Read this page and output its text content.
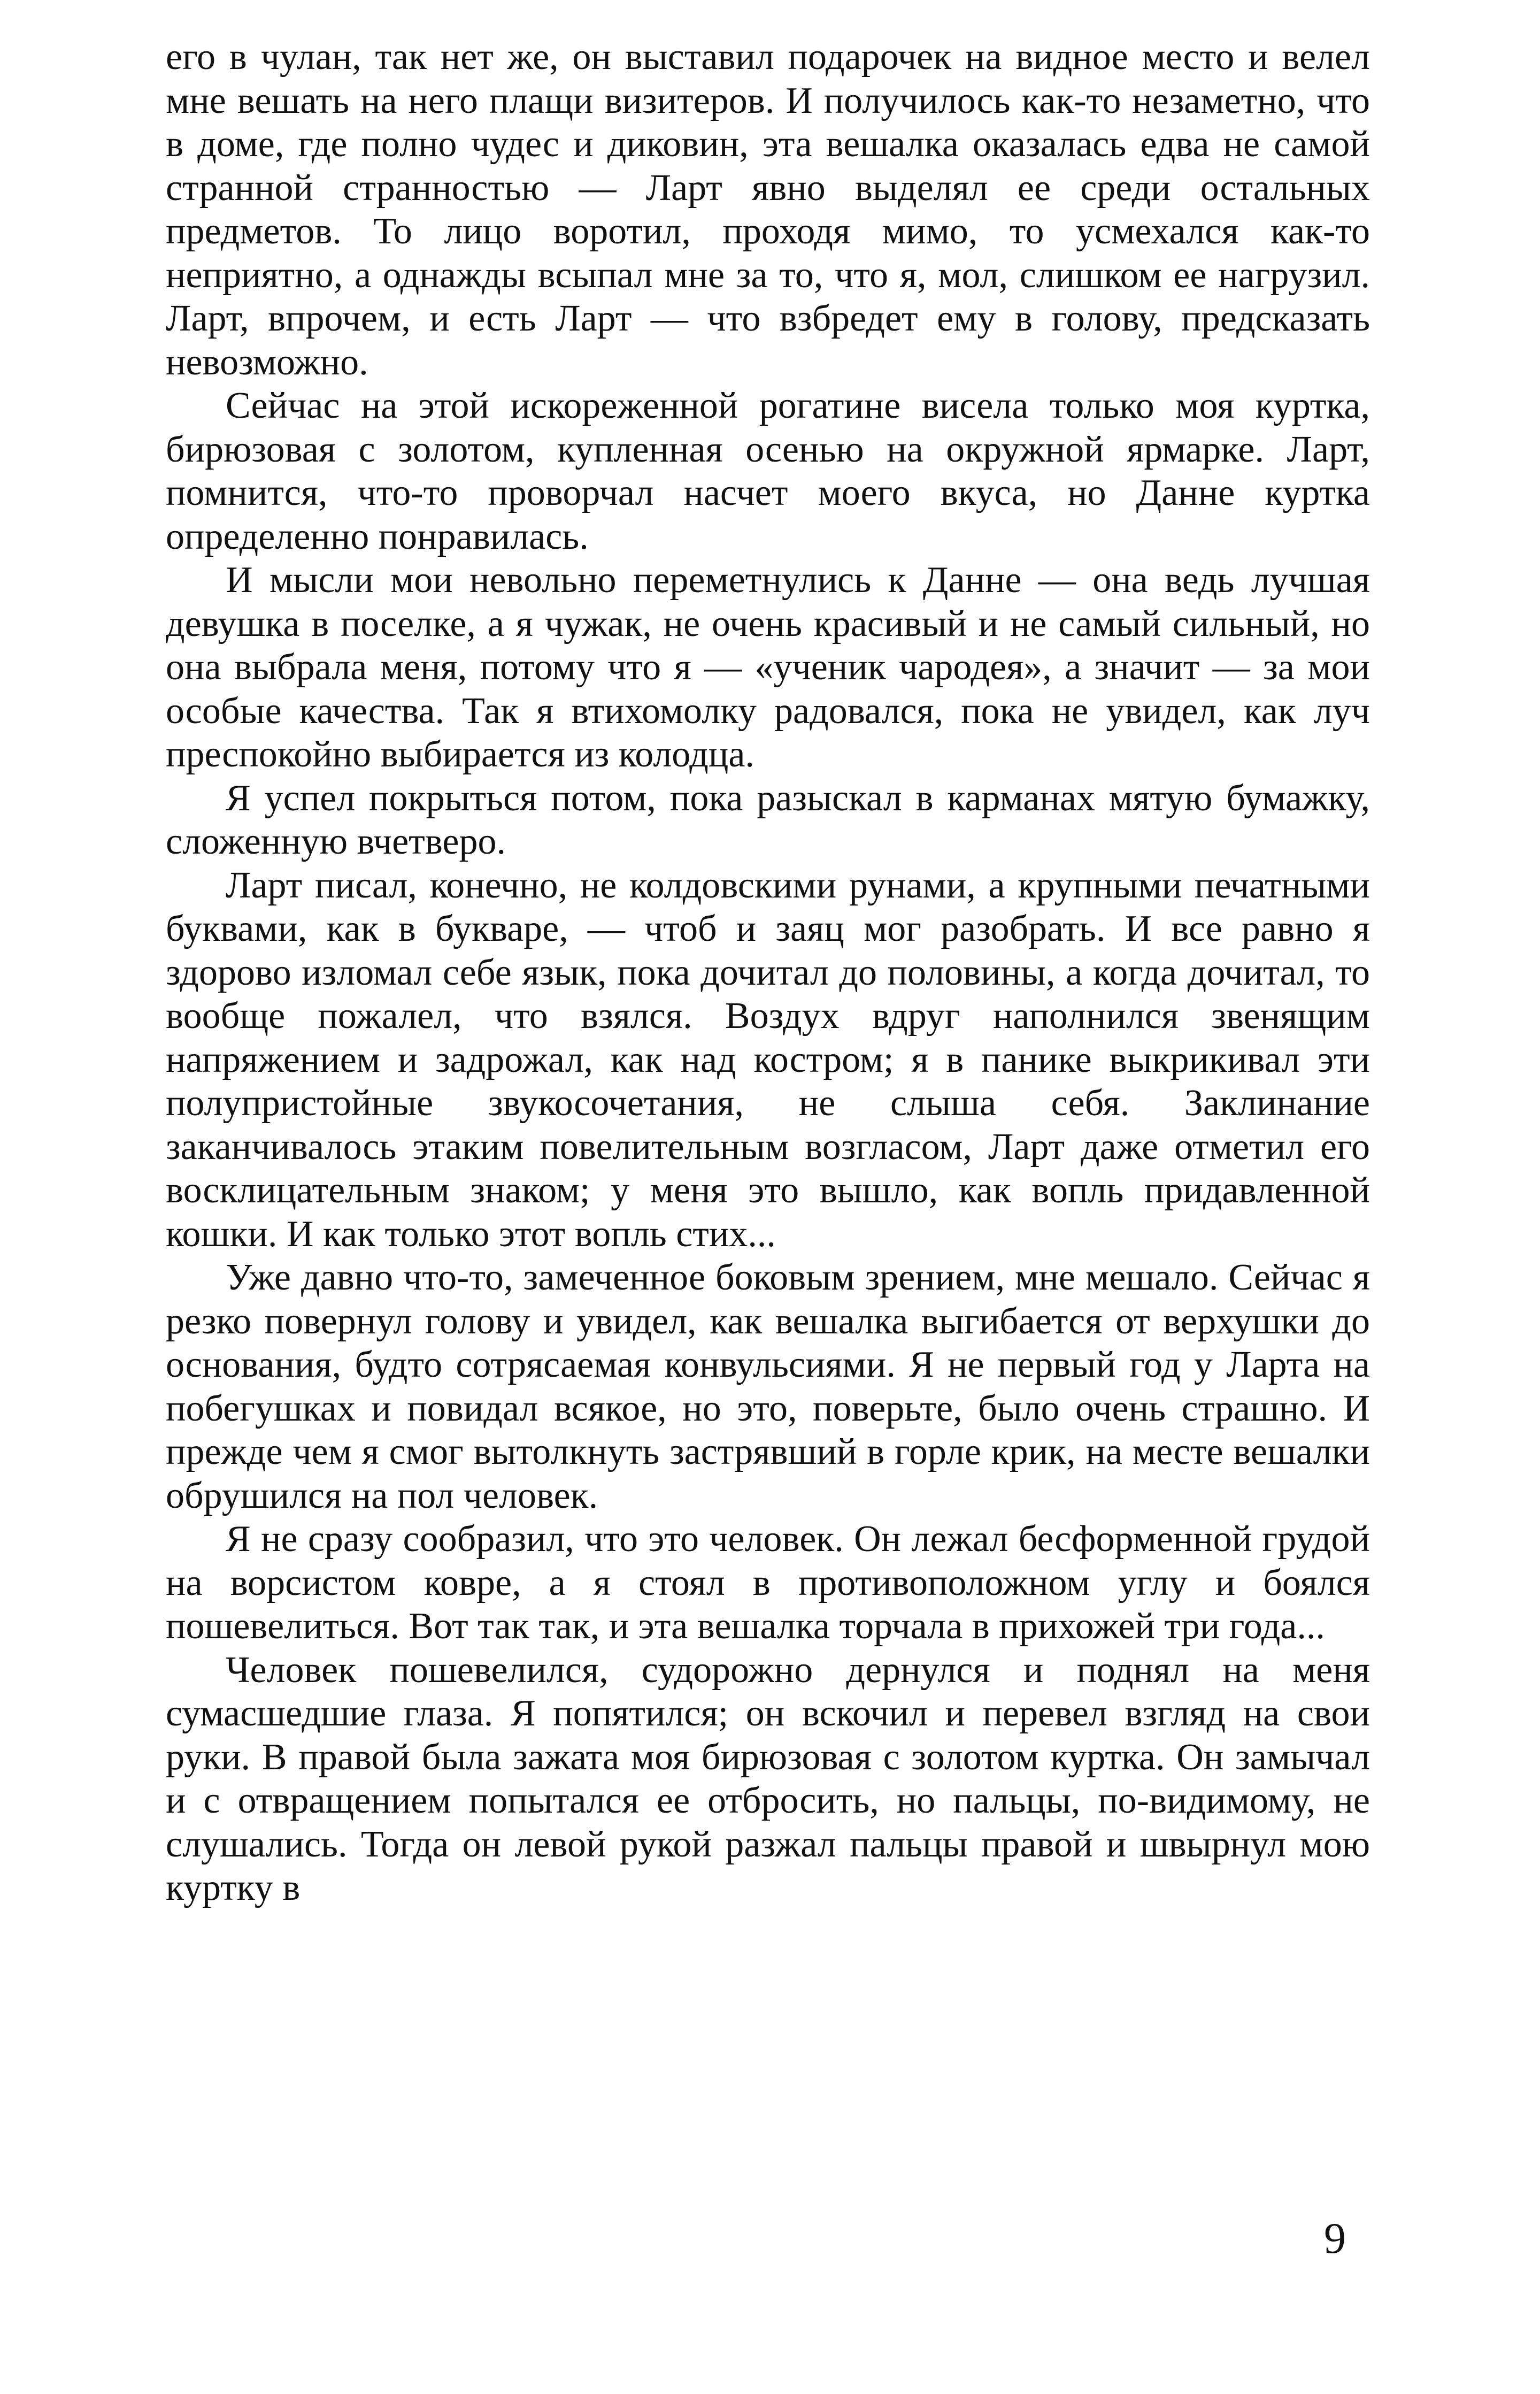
его в чулан, так нет же, он выставил подарочек на видное место и велел мне вешать на него плащи визитеров. И получилось как-то незаметно, что в доме, где полно чудес и диковин, эта вешалка оказалась едва не самой странной странностью — Ларт явно выделял ее среди остальных предметов. То лицо воротил, проходя мимо, то усмехался как-то неприятно, а однажды всыпал мне за то, что я, мол, слишком ее нагрузил. Ларт, впрочем, и есть Ларт — что взбредет ему в голову, предсказать невозможно.

Сейчас на этой искореженной рогатине висела только моя куртка, бирюзовая с золотом, купленная осенью на окружной ярмарке. Ларт, помнится, что-то проворчал насчет моего вкуса, но Данне куртка определенно понравилась.

И мысли мои невольно переметнулись к Данне — она ведь лучшая девушка в поселке, а я чужак, не очень красивый и не самый сильный, но она выбрала меня, потому что я — «ученик чародея», а значит — за мои особые качества. Так я втихомолку радовался, пока не увидел, как луч преспокойно выбирается из колодца.

Я успел покрыться потом, пока разыскал в карманах мятую бумажку, сложенную вчетверо.

Ларт писал, конечно, не колдовскими рунами, а крупными печатными буквами, как в букваре, — чтоб и заяц мог разобрать. И все равно я здорово изломал себе язык, пока дочитал до половины, а когда дочитал, то вообще пожалел, что взялся. Воздух вдруг наполнился звенящим напряжением и задрожал, как над костром; я в панике выкрикивал эти полупристойные звукосочетания, не слыша себя. Заклинание заканчивалось этаким повелительным возгласом, Ларт даже отметил его восклицательным знаком; у меня это вышло, как вопль придавленной кошки. И как только этот вопль стих...

Уже давно что-то, замеченное боковым зрением, мне мешало. Сейчас я резко повернул голову и увидел, как вешалка выгибается от верхушки до основания, будто сотрясаемая конвульсиями. Я не первый год у Ларта на побегушках и повидал всякое, но это, поверьте, было очень страшно. И прежде чем я смог вытолкнуть застрявший в горле крик, на месте вешалки обрушился на пол человек.

Я не сразу сообразил, что это человек. Он лежал бесформенной грудой на ворсистом ковре, а я стоял в противоположном углу и боялся пошевелиться. Вот так так, и эта вешалка торчала в прихожей три года...

Человек пошевелился, судорожно дернулся и поднял на меня сумасшедшие глаза. Я попятился; он вскочил и перевел взгляд на свои руки. В правой была зажата моя бирюзовая с золотом куртка. Он замычал и с отвращением попытался ее отбросить, но пальцы, по-видимому, не слушались. Тогда он левой рукой разжал пальцы правой и швырнул мою куртку в

9
